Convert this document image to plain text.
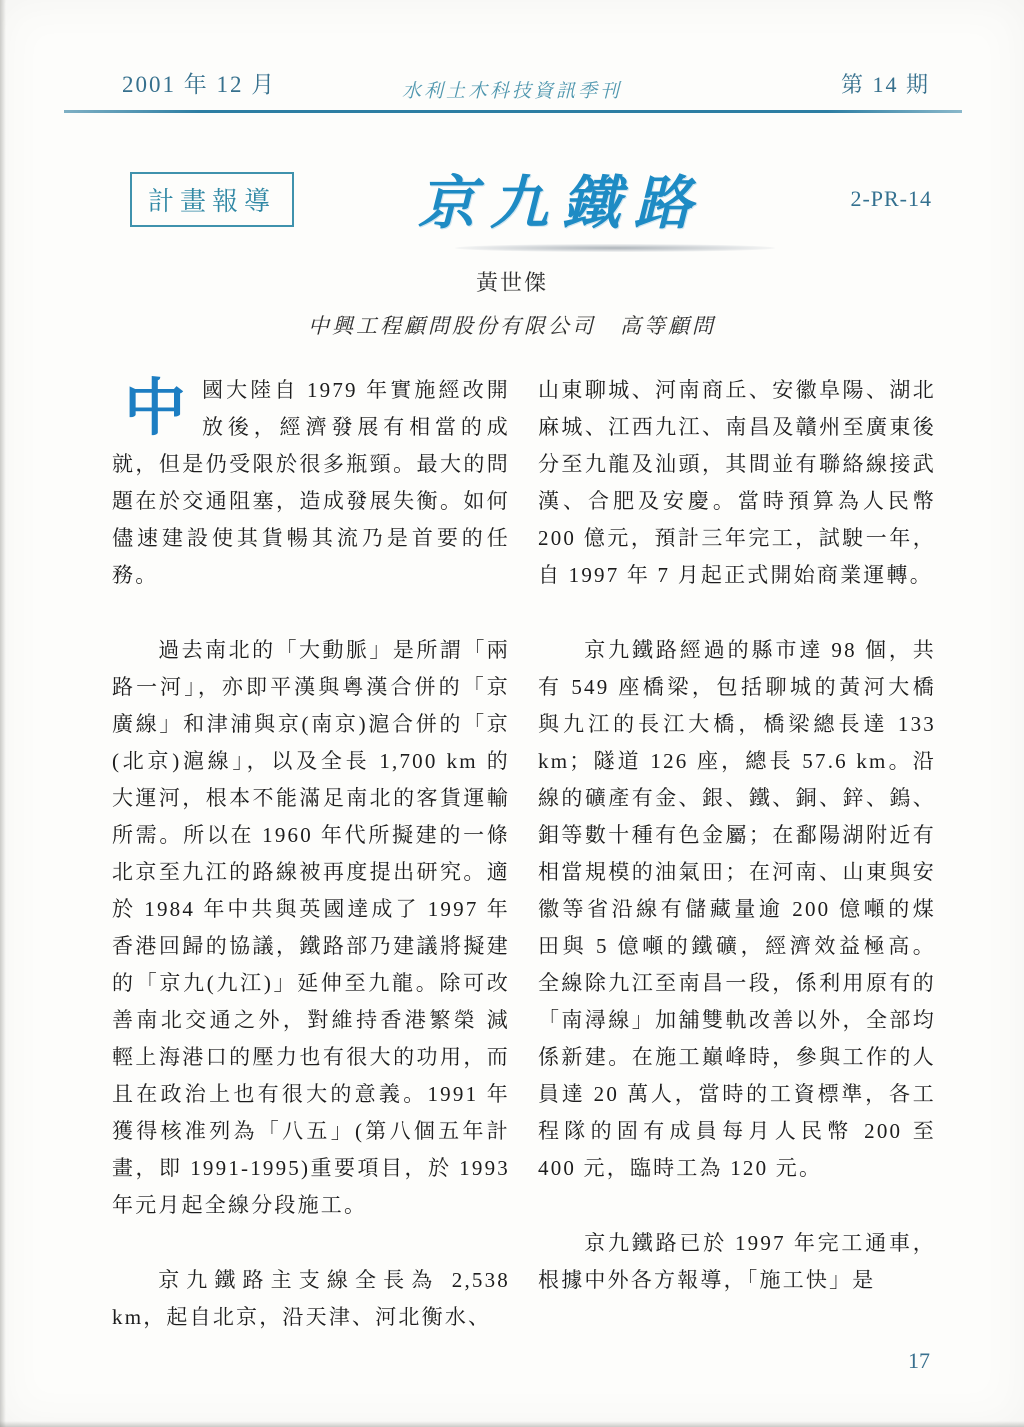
2001 年 12 月	水利土木科技資訊季刊	第 14 期
計畫報導	京九鐵路	2-PR-14
黃世傑
中興工程顧問股份有限公司　高等顧問

中國大陸自 1979 年實施經改開放後，經濟發展有相當的成就，但是仍受限於很多瓶頸。最大的問題在於交通阻塞，造成發展失衡。如何儘速建設使其貨暢其流乃是首要的任務。

過去南北的「大動脈」是所謂「兩路一河」，亦即平漢與粵漢合併的「京廣線」和津浦與京(南京)滬合併的「京(北京)滬線」，以及全長 1,700 km 的大運河，根本不能滿足南北的客貨運輸所需。所以在 1960 年代所擬建的一條北京至九江的路線被再度提出研究。適於 1984 年中共與英國達成了 1997 年香港回歸的協議，鐵路部乃建議將擬建的「京九(九江)」延伸至九龍。除可改善南北交通之外，對維持香港繁榮 減輕上海港口的壓力也有很大的功用，而且在政治上也有很大的意義。1991 年獲得核准列為「八五」(第八個五年計畫，即 1991-1995)重要項目，於 1993 年元月起全線分段施工。

京九鐵路主支線全長為 2,538 km，起自北京，沿天津、河北衡水、

山東聊城、河南商丘、安徽阜陽、湖北麻城、江西九江、南昌及贛州至廣東後分至九龍及汕頭，其間並有聯絡線接武漢、合肥及安慶。當時預算為人民幣 200 億元，預計三年完工，試駛一年，自 1997 年 7 月起正式開始商業運轉。

京九鐵路經過的縣市達 98 個，共有 549 座橋梁，包括聊城的黃河大橋與九江的長江大橋，橋梁總長達 133 km；隧道 126 座，總長 57.6 km。沿線的礦產有金、銀、鐵、銅、鋅、鎢、鉬等數十種有色金屬；在鄱陽湖附近有相當規模的油氣田；在河南、山東與安徽等省沿線有儲藏量逾 200 億噸的煤田與 5 億噸的鐵礦，經濟效益極高。全線除九江至南昌一段，係利用原有的「南潯線」加舖雙軌改善以外，全部均係新建。在施工巔峰時，參與工作的人員達 20 萬人，當時的工資標準，各工程隊的固有成員每月人民幣 200 至 400 元，臨時工為 120 元。

京九鐵路已於 1997 年完工通車，根據中外各方報導，「施工快」是

17
